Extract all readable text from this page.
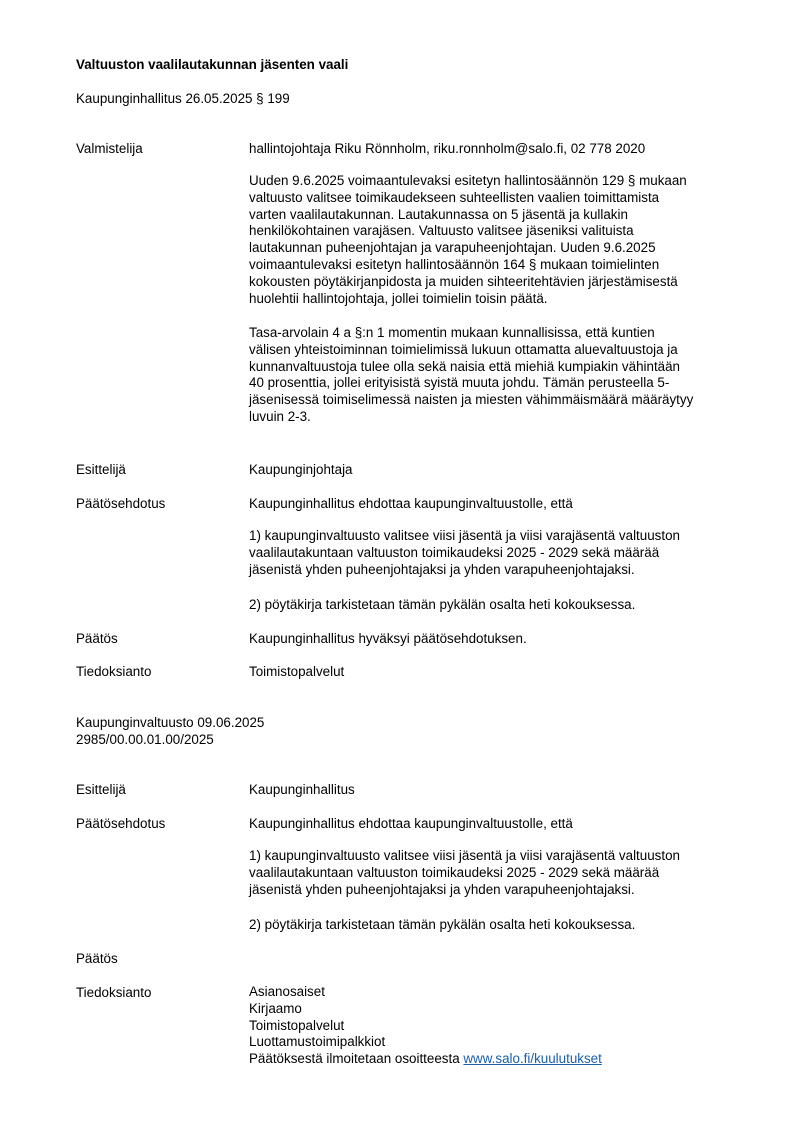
Valtuuston vaalilautakunnan jäsenten vaali
Kaupunginhallitus 26.05.2025 § 199
Valmistelija	hallintojohtaja Riku Rönnholm, riku.ronnholm@salo.fi, 02 778 2020
Uuden 9.6.2025 voimaantulevaksi esitetyn hallintosäännön 129 § mukaan
valtuusto valitsee toimikaudekseen suhteellisten vaalien toimittamista
varten vaalilautakunnan. Lautakunnassa on 5 jäsentä ja kullakin
henkilökohtainen varajäsen. Valtuusto valitsee jäseniksi valituista
lautakunnan puheenjohtajan ja varapuheenjohtajan. Uuden 9.6.2025
voimaantulevaksi esitetyn hallintosäännön 164 § mukaan toimielinten
kokousten pöytäkirjanpidosta ja muiden sihteeritehtävien järjestämisestä
huolehtii hallintojohtaja, jollei toimielin toisin päätä.
Tasa-arvolain 4 a §:n 1 momentin mukaan kunnallisissa, että kuntien
välisen yhteistoiminnan toimielimissä lukuun ottamatta aluevaltuustoja ja
kunnanvaltuustoja tulee olla sekä naisia että miehiä kumpiakin vähintään
40 prosenttia, jollei erityisistä syistä muuta johdu. Tämän perusteella 5-
jäsenisessä toimiselimessä naisten ja miesten vähimmäismäärä määräytyy
luvuin 2-3.
Esittelijä	Kaupunginjohtaja
Päätösehdotus	Kaupunginhallitus ehdottaa kaupunginvaltuustolle, että
1) kaupunginvaltuusto valitsee viisi jäsentä ja viisi varajäsentä valtuuston
vaalilautakuntaan valtuuston toimikaudeksi 2025 - 2029 sekä määrää
jäsenistä yhden puheenjohtajaksi ja yhden varapuheenjohtajaksi.
2) pöytäkirja tarkistetaan tämän pykälän osalta heti kokouksessa.
Päätös	Kaupunginhallitus hyväksyi päätösehdotuksen.
Tiedoksianto	Toimistopalvelut
Kaupunginvaltuusto 09.06.2025
2985/00.00.01.00/2025
Esittelijä	Kaupunginhallitus
Päätösehdotus	Kaupunginhallitus ehdottaa kaupunginvaltuustolle, että
1) kaupunginvaltuusto valitsee viisi jäsentä ja viisi varajäsentä valtuuston
vaalilautakuntaan valtuuston toimikaudeksi 2025 - 2029 sekä määrää
jäsenistä yhden puheenjohtajaksi ja yhden varapuheenjohtajaksi.
2) pöytäkirja tarkistetaan tämän pykälän osalta heti kokouksessa.
Päätös
Tiedoksianto	Asianosaiset
Kirjaamo
Toimistopalvelut
Luottamustoimipalkkiot
Päätöksestä ilmoitetaan osoitteesta www.salo.fi/kuulutukset
